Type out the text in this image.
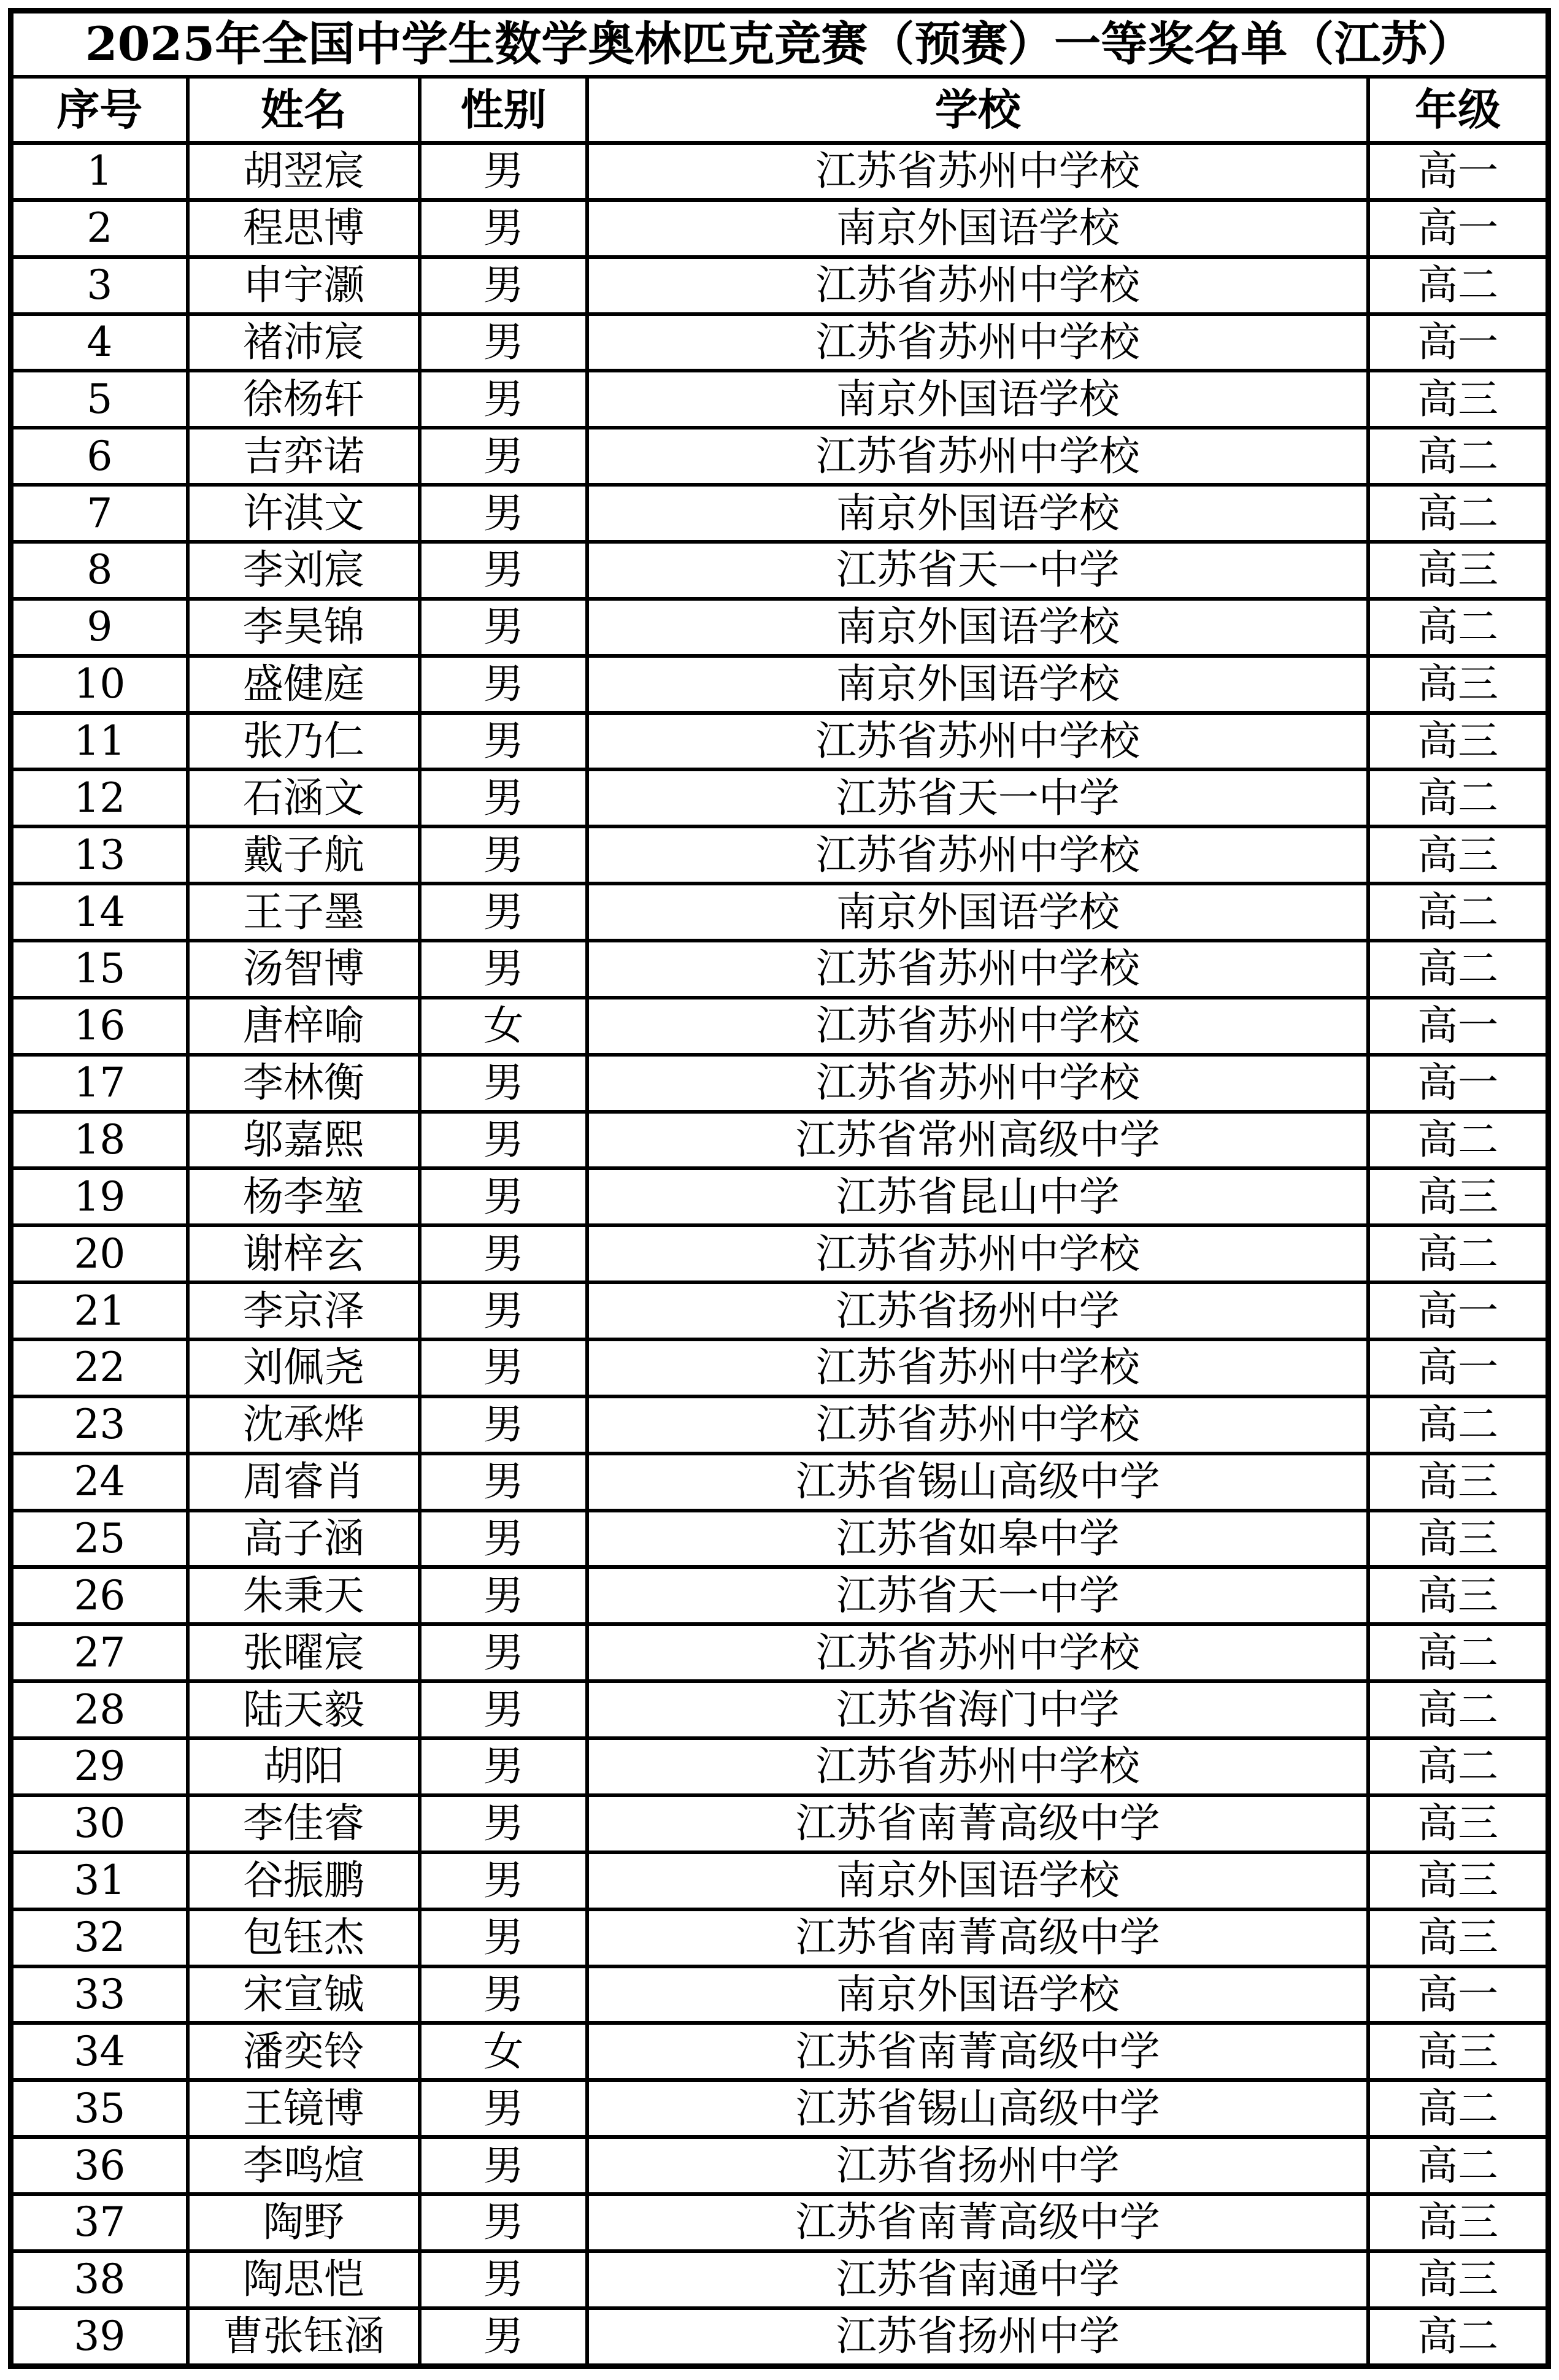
2025年全国中学生数学奥林匹克竞赛（预赛）一等奖名单（江苏）				
序号	姓名	性别	学校	年级
1	胡翌宸	男	江苏省苏州中学校	高一
2	程思博	男	南京外国语学校	高一
3	申宇灏	男	江苏省苏州中学校	高二
4	褚沛宸	男	江苏省苏州中学校	高一
5	徐杨轩	男	南京外国语学校	高三
6	吉弈诺	男	江苏省苏州中学校	高二
7	许淇文	男	南京外国语学校	高二
8	李刘宸	男	江苏省天一中学	高三
9	李昊锦	男	南京外国语学校	高二
10	盛健庭	男	南京外国语学校	高三
11	张乃仁	男	江苏省苏州中学校	高三
12	石涵文	男	江苏省天一中学	高二
13	戴子航	男	江苏省苏州中学校	高三
14	王子墨	男	南京外国语学校	高二
15	汤智博	男	江苏省苏州中学校	高二
16	唐梓喻	女	江苏省苏州中学校	高一
17	李林衡	男	江苏省苏州中学校	高一
18	邬嘉熙	男	江苏省常州高级中学	高二
19	杨李堃	男	江苏省昆山中学	高三
20	谢梓玄	男	江苏省苏州中学校	高二
21	李京泽	男	江苏省扬州中学	高一
22	刘佩尧	男	江苏省苏州中学校	高一
23	沈承烨	男	江苏省苏州中学校	高二
24	周睿肖	男	江苏省锡山高级中学	高三
25	高子涵	男	江苏省如皋中学	高三
26	朱秉天	男	江苏省天一中学	高三
27	张曜宸	男	江苏省苏州中学校	高二
28	陆天毅	男	江苏省海门中学	高二
29	胡阳	男	江苏省苏州中学校	高二
30	李佳睿	男	江苏省南菁高级中学	高三
31	谷振鹏	男	南京外国语学校	高三
32	包钰杰	男	江苏省南菁高级中学	高三
33	宋宣铖	男	南京外国语学校	高一
34	潘奕铃	女	江苏省南菁高级中学	高三
35	王镜博	男	江苏省锡山高级中学	高二
36	李鸣煊	男	江苏省扬州中学	高二
37	陶野	男	江苏省南菁高级中学	高三
38	陶思恺	男	江苏省南通中学	高三
39	曹张钰涵	男	江苏省扬州中学	高二
